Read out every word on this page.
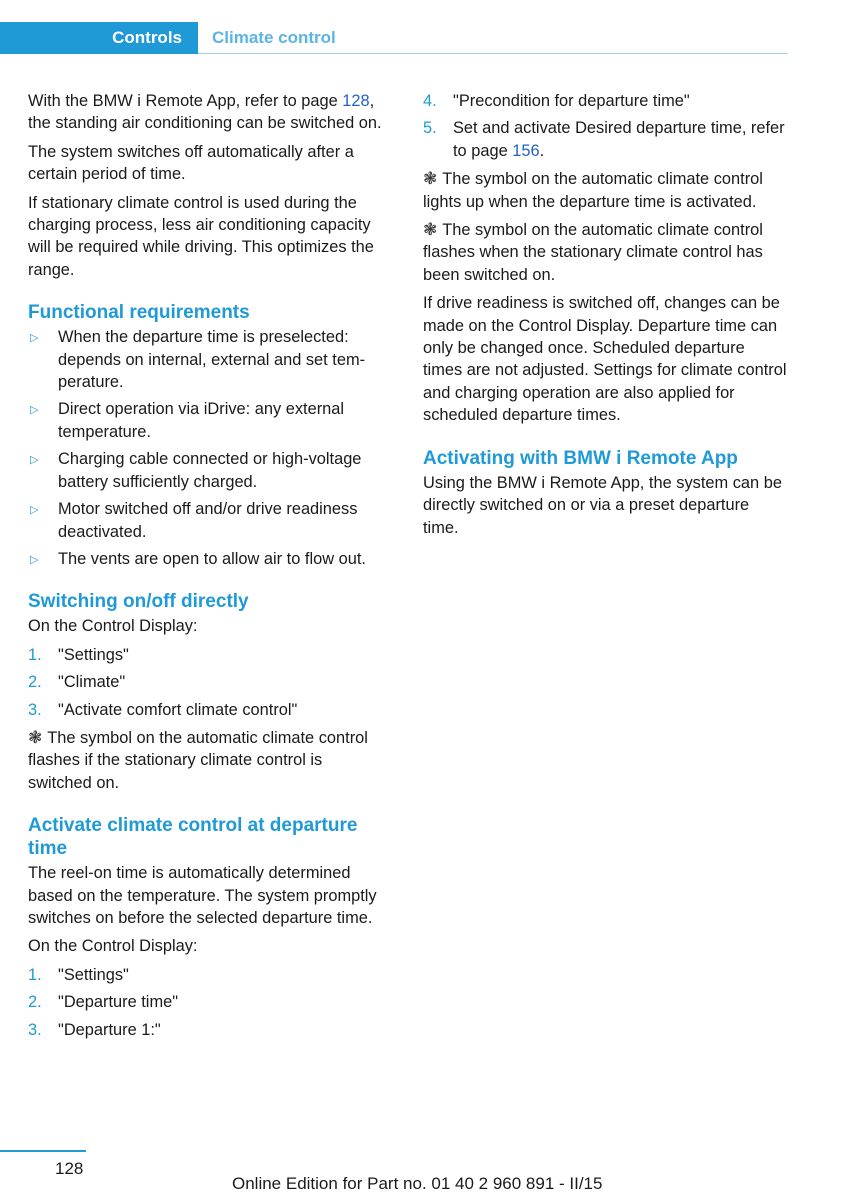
Controls Climate control

With the BMW i Remote App, refer to page 128, the standing air conditioning can be switched on.

The system switches off automatically after a certain period of time.

If stationary climate control is used during the charging process, less air conditioning capacity will be required while driving. This optimizes the range.

Functional requirements
▷ When the departure time is preselected: depends on internal, external and set temperature.
▷ Direct operation via iDrive: any external temperature.
▷ Charging cable connected or high-voltage battery sufficiently charged.
▷ Motor switched off and/or drive readiness deactivated.
▷ The vents are open to allow air to flow out.
Switching on/off directly

On the Control Display:

1. "Settings"
2. "Climate"
3. "Activate comfort climate control"

❃ The symbol on the automatic climate control flashes if the stationary climate control is switched on.

Activate climate control at departure time

The reel-on time is automatically determined based on the temperature. The system promptly switches on before the selected departure time.

On the Control Display:

1. "Settings"
2. "Departure time"
3. "Departure 1:"
4. "Precondition for departure time"
5. Set and activate Desired departure time, refer to page 156.

❃ The symbol on the automatic climate control lights up when the departure time is activated.

❃ The symbol on the automatic climate control flashes when the stationary climate control has been switched on.

If drive readiness is switched off, changes can be made on the Control Display. Departure time can only be changed once. Scheduled departure times are not adjusted. Settings for climate control and charging operation are also applied for scheduled departure times.

Activating with BMW i Remote App

Using the BMW i Remote App, the system can be directly switched on or via a preset departure time.

128
Online Edition for Part no. 01 40 2 960 891 - II/15
